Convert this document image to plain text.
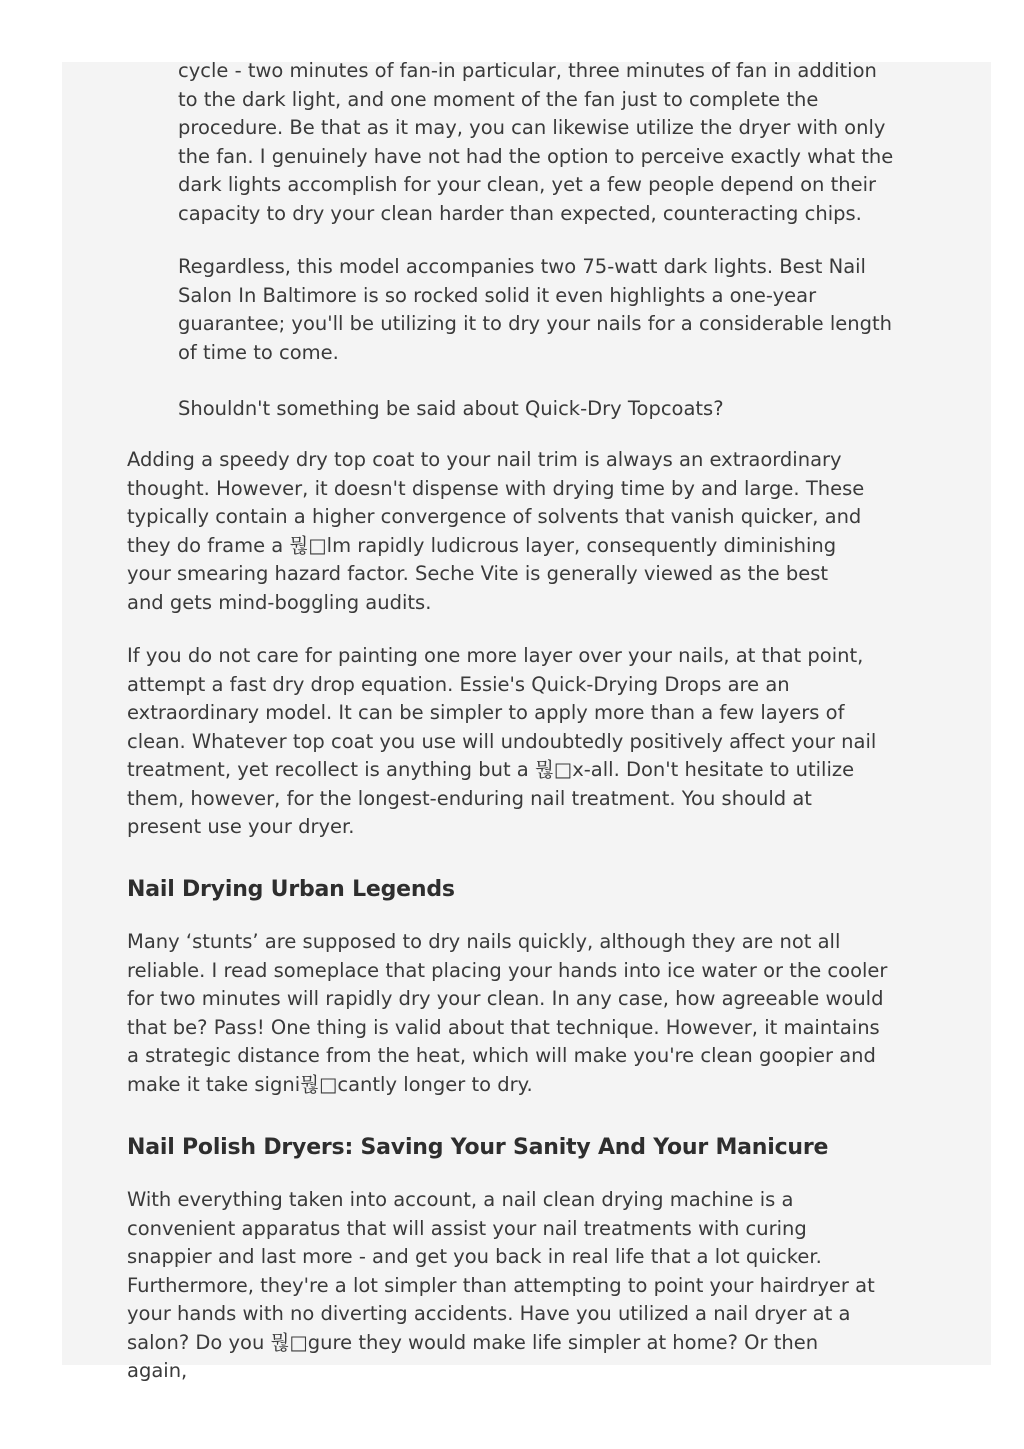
cycle - two minutes of fan-in particular, three minutes of fan in addition
to the dark light, and one moment of the fan just to complete the
procedure. Be that as it may, you can likewise utilize the dryer with only
the fan. I genuinely have not had the option to perceive exactly what the
dark lights accomplish for your clean, yet a few people depend on their
capacity to dry your clean harder than expected, counteracting chips.

Regardless, this model accompanies two 75-watt dark lights. Best Nail
Salon In Baltimore is so rocked solid it even highlights a one-year
guarantee; you'll be utilizing it to dry your nails for a considerable length
of time to come.

Shouldn't something be said about Quick-Dry Topcoats?

Adding a speedy dry top coat to your nail trim is always an extraordinary
thought. However, it doesn't dispense with drying time by and large. These
typically contain a higher convergence of solvents that vanish quicker, and
they do frame a 뭖□lm rapidly ludicrous layer, consequently diminishing
your smearing hazard factor. Seche Vite is generally viewed as the best
and gets mind-boggling audits.

If you do not care for painting one more layer over your nails, at that point,
attempt a fast dry drop equation. Essie's Quick-Drying Drops are an
extraordinary model. It can be simpler to apply more than a few layers of
clean. Whatever top coat you use will undoubtedly positively affect your nail
treatment, yet recollect is anything but a 뭖□x-all. Don't hesitate to utilize
them, however, for the longest-enduring nail treatment. You should at
present use your dryer.

Nail Drying Urban Legends

Many ‘stunts’ are supposed to dry nails quickly, although they are not all
reliable. I read someplace that placing your hands into ice water or the cooler
for two minutes will rapidly dry your clean. In any case, how agreeable would
that be? Pass! One thing is valid about that technique. However, it maintains
a strategic distance from the heat, which will make you're clean goopier and
make it take signi뭖□cantly longer to dry.

Nail Polish Dryers: Saving Your Sanity And Your Manicure

With everything taken into account, a nail clean drying machine is a
convenient apparatus that will assist your nail treatments with curing
snappier and last more - and get you back in real life that a lot quicker.
Furthermore, they're a lot simpler than attempting to point your hairdryer at
your hands with no diverting accidents. Have you utilized a nail dryer at a
salon? Do you 뭖□gure they would make life simpler at home? Or then
again,
